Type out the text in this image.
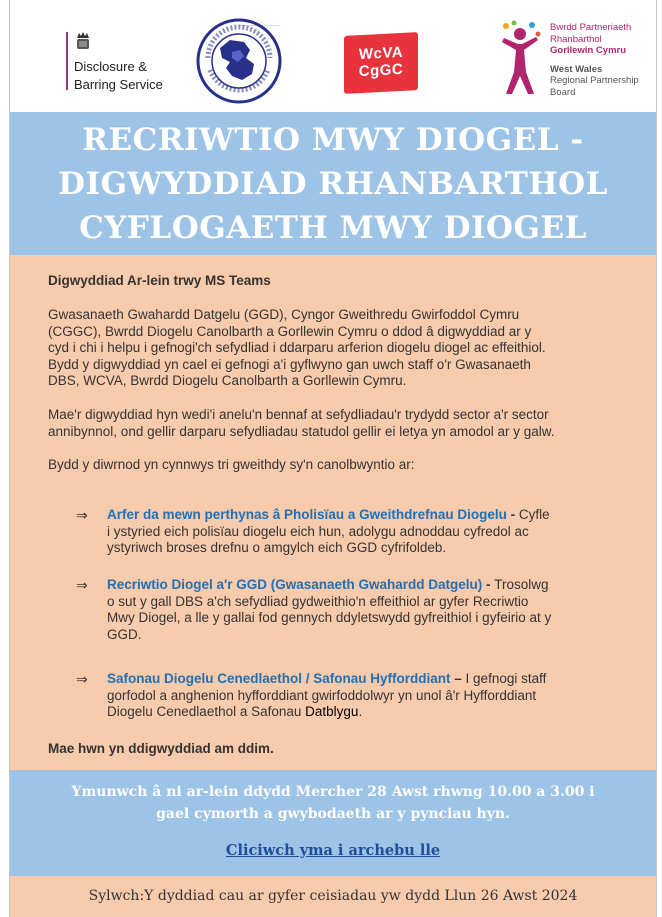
Disclosure &
Barring Service
Bwrdd Diogelu Canolbarth a Gorllewin Cymru · Mid and West Wales Safeguarding Board
WcVA
CgGC
Bwrdd Partneriaeth
Rhanbarthol
Gorllewin Cymru
West Wales
Regional Partnership
Board
RECRIWTIO MWY DIOGEL -
DIGWYDDIAD RHANBARTHOL
CYFLOGAETH MWY DIOGEL
Digwyddiad Ar-lein trwy MS Teams
Gwasanaeth Gwahardd Datgelu (GGD), Cyngor Gweithredu Gwirfoddol Cymru
(CGGC), Bwrdd Diogelu Canolbarth a Gorllewin Cymru o ddod â digwyddiad ar y
cyd i chi i helpu i gefnogi'ch sefydliad i ddarparu arferion diogelu diogel ac effeithiol.
Bydd y digwyddiad yn cael ei gefnogi a'i gyflwyno gan uwch staff o'r Gwasanaeth
DBS, WCVA, Bwrdd Diogelu Canolbarth a Gorllewin Cymru.
Mae'r digwyddiad hyn wedi'i anelu'n bennaf at sefydliadau'r trydydd sector a'r sector
annibynnol, ond gellir darparu sefydliadau statudol gellir ei letya yn amodol ar y galw.
Bydd y diwrnod yn cynnwys tri gweithdy sy'n canolbwyntio ar:
⇒ Arfer da mewn perthynas â Pholisïau a Gweithdrefnau Diogelu - Cyfle
i ystyried eich polisïau diogelu eich hun, adolygu adnoddau cyfredol ac
ystyriwch broses drefnu o amgylch eich GGD cyfrifoldeb.
⇒ Recriwtio Diogel a'r GGD (Gwasanaeth Gwahardd Datgelu) - Trosolwg
o sut y gall DBS a'ch sefydliad gydweithio'n effeithiol ar gyfer Recriwtio
Mwy Diogel, a lle y gallai fod gennych ddyletswydd gyfreithiol i gyfeirio at y
GGD.
⇒ Safonau Diogelu Cenedlaethol / Safonau Hyfforddiant – I gefnogi staff
gorfodol a anghenion hyfforddiant gwirfoddolwyr yn unol â'r Hyfforddiant
Diogelu Cenedlaethol a Safonau Datblygu.
Mae hwn yn ddigwyddiad am ddim.
Ymunwch â ni ar-lein ddydd Mercher 28 Awst rhwng 10.00 a 3.00 i
gael cymorth a gwybodaeth ar y pynciau hyn.
Cliciwch yma i archebu lle
Sylwch:Y dyddiad cau ar gyfer ceisiadau yw dydd Llun 26 Awst 2024
